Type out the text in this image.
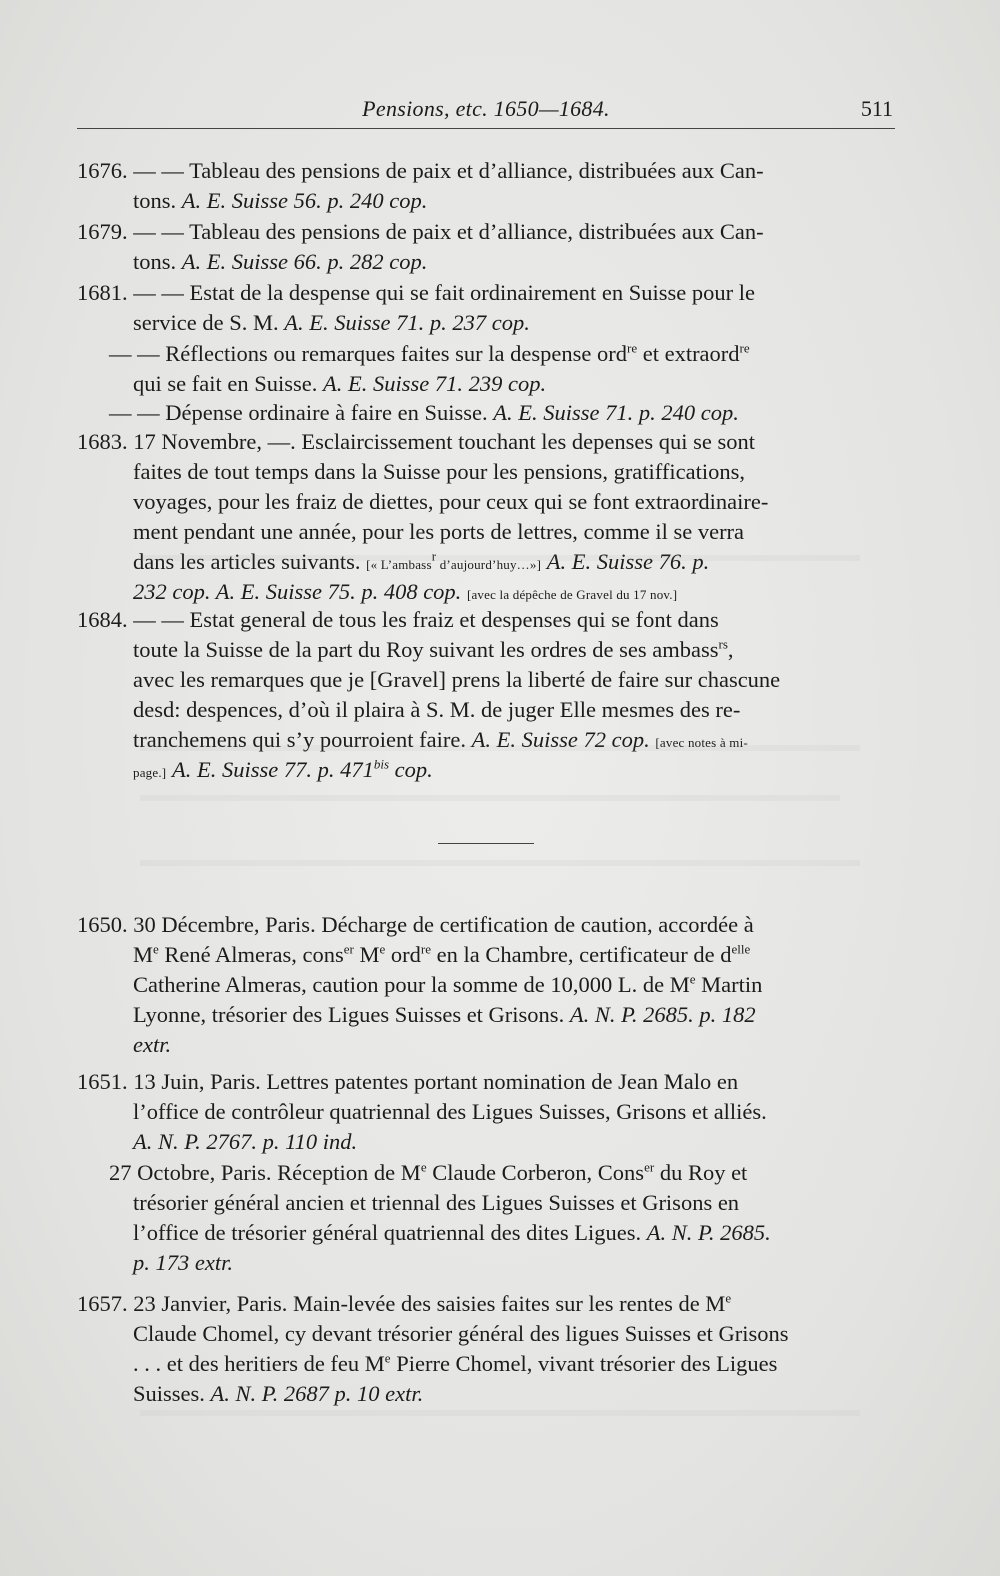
Pensions, etc. 1650—1684.	511
1676. — — Tableau des pensions de paix et d’alliance, distribuées aux Can-
tons. A. E. Suisse 56. p. 240 cop.
1679. — — Tableau des pensions de paix et d’alliance, distribuées aux Can-
tons. A. E. Suisse 66. p. 282 cop.
1681. — — Estat de la despense qui se fait ordinairement en Suisse pour le
service de S. M. A. E. Suisse 71. p. 237 cop.
— — Réflections ou remarques faites sur la despense ord$^{re}$ et extraord$^{re}$
qui se fait en Suisse. A. E. Suisse 71. 239 cop.
— — Dépense ordinaire à faire en Suisse. A. E. Suisse 71. p. 240 cop.
1683. 17 Novembre, —. Esclaircissement touchant les depenses qui se sont
faites de tout temps dans la Suisse pour les pensions, gratiffications,
voyages, pour les fraiz de diettes, pour ceux qui se font extraordinaire-
ment pendant une année, pour les ports de lettres, comme il se verra
dans les articles suivants. [« L’ambass$^r$ d’aujourd’huy…»] A. E. Suisse 76. p.
232 cop. A. E. Suisse 75. p. 408 cop. [avec la dépêche de Gravel du 17 nov.]
1684. — — Estat general de tous les fraiz et despenses qui se font dans
toute la Suisse de la part du Roy suivant les ordres de ses ambass$^{rs}$,
avec les remarques que je [Gravel] prens la liberté de faire sur chascune
desd: despences, d’où il plaira à S. M. de juger Elle mesmes des re-
tranchemens qui s’y pourroient faire. A. E. Suisse 72 cop. [avec notes à mi-
page.] A. E. Suisse 77. p. $471^{bis}$ cop.
1650. 30 Décembre, Paris. Décharge de certification de caution, accordée à
Me René Almeras, cons$^{er}$ Me ord$^{re}$ en la Chambre, certificateur de $d^{elle}$
Catherine Almeras, caution pour la somme de 10,000 L. de Me Martin
Lyonne, trésorier des Ligues Suisses et Grisons. A. N. P. 2685. p. 182
extr.
1651. 13 Juin, Paris. Lettres patentes portant nomination de Jean Malo en
l’office de contrôleur quatriennal des Ligues Suisses, Grisons et alliés.
A. N. P. 2767. p. 110 ind.
27 Octobre, Paris. Réception de Me Claude Corberon, Cons$^{er}$ du Roy et
trésorier général ancien et triennal des Ligues Suisses et Grisons en
l’office de trésorier général quatriennal des dites Ligues. A. N. P. 2685.
p. 173 extr.
1657. 23 Janvier, Paris. Main-levée des saisies faites sur les rentes de Me
Claude Chomel, cy devant trésorier général des ligues Suisses et Grisons
. . . et des heritiers de feu Me Pierre Chomel, vivant trésorier des Ligues
Suisses. A. N. P. 2687 p. 10 extr.
